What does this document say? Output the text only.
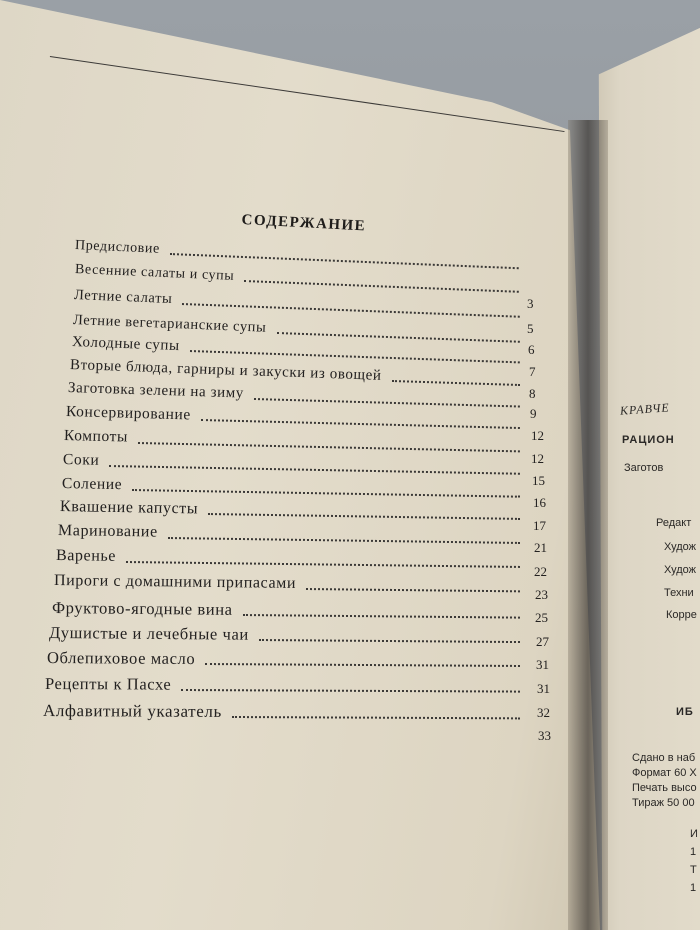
СОДЕРЖАНИЕ
Предисловие
3
Весенние салаты и супы
5
Летние салаты
6
Летние вегетарианские супы
7
Холодные супы
8
Вторые блюда, гарниры и закуски из овощей
9
Заготовка зелени на зиму
12
Консервирование
12
Компоты
15
Соки
16
Соление
17
Квашение капусты
21
Маринование
22
Варенье
23
Пироги с домашними припасами
25
Фруктово-ягодные вина
27
Душистые и лечебные чаи
31
Облепиховое масло
31
Рецепты к Пасхе
32
Алфавитный указатель
33
КРАВЧЕ
РАЦИОН
Заготов
Редакт
Худож
Худож
Техни
Корре
ИБ
Сдано в наб
Формат 60 Х
Печать высо
Тираж 50 00
И
1
Т
1
